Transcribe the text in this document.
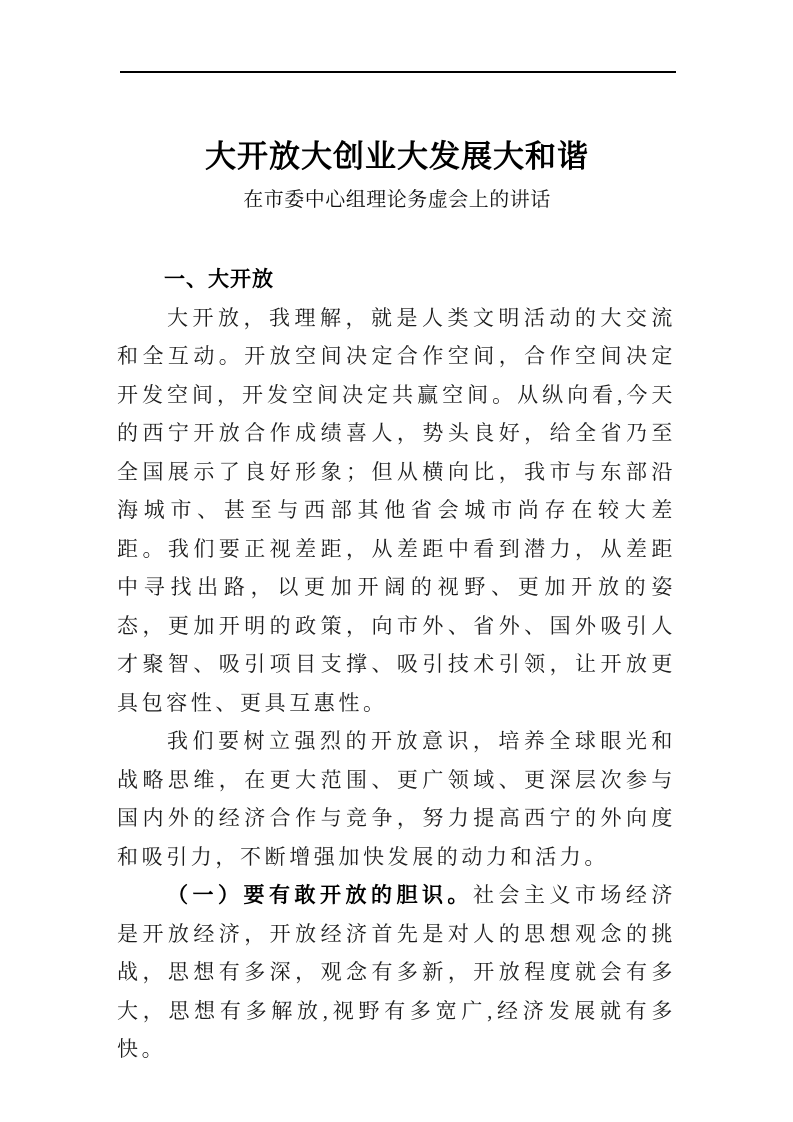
大开放大创业大发展大和谐
在市委中心组理论务虚会上的讲话
一、大开放

大开放，我理解，就是人类文明活动的大交流和全互动。开放空间决定合作空间，合作空间决定开发空间，开发空间决定共赢空间。从纵向看,今天的西宁开放合作成绩喜人，势头良好，给全省乃至全国展示了良好形象；但从横向比，我市与东部沿海城市、甚至与西部其他省会城市尚存在较大差距。我们要正视差距，从差距中看到潜力，从差距中寻找出路，以更加开阔的视野、更加开放的姿态，更加开明的政策，向市外、省外、国外吸引人才聚智、吸引项目支撑、吸引技术引领，让开放更具包容性、更具互惠性。

我们要树立强烈的开放意识，培养全球眼光和战略思维，在更大范围、更广领域、更深层次参与国内外的经济合作与竞争，努力提高西宁的外向度和吸引力，不断增强加快发展的动力和活力。

（一）要有敢开放的胆识。社会主义市场经济是开放经济，开放经济首先是对人的思想观念的挑战，思想有多深，观念有多新，开放程度就会有多大，思想有多解放,视野有多宽广,经济发展就有多快。
